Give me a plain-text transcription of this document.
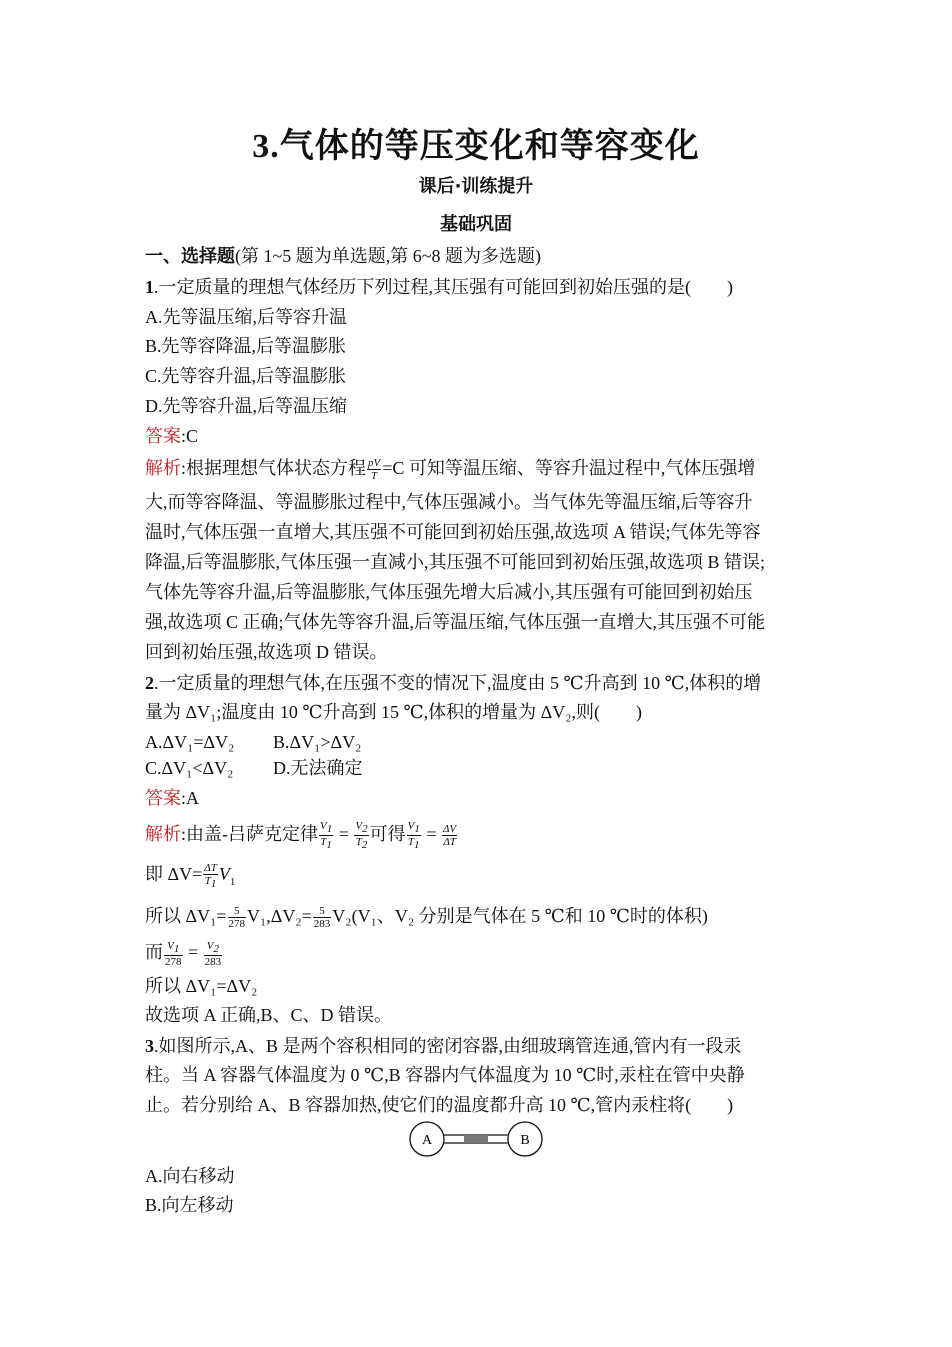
3.气体的等压变化和等容变化
课后·训练提升
基础巩固
一、选择题(第 1~5 题为单选题,第 6~8 题为多选题)
1.一定质量的理想气体经历下列过程,其压强有可能回到初始压强的是(　　)
A.先等温压缩,后等容升温
B.先等容降温,后等温膨胀
C.先等容升温,后等温膨胀
D.先等容升温,后等温压缩
答案:C
解析:根据理想气体状态方程 $\frac{pV}{T} =C$ 可知等温压缩、等容升温过程中,气体压强增
大,而等容降温、等温膨胀过程中,气体压强减小。当气体先等温压缩,后等容升
温时,气体压强一直增大,其压强不可能回到初始压强,故选项 A 错误;气体先等容
降温,后等温膨胀,气体压强一直减小,其压强不可能回到初始压强,故选项 B 错误;
气体先等容升温,后等温膨胀,气体压强先增大后减小,其压强有可能回到初始压
强,故选项 C 正确;气体先等容升温,后等温压缩,气体压强一直增大,其压强不可能
回到初始压强,故选项 D 错误。
2.一定质量的理想气体,在压强不变的情况下,温度由 5 ℃升高到 10 ℃,体积的增
量为 ΔV₁;温度由 10 ℃升高到 15 ℃,体积的增量为 ΔV₂,则(　　)
A.ΔV₁=ΔV₂ B.ΔV₁>ΔV₂
C.ΔV₁<ΔV₂ D.无法确定
答案:A
解析:由盖-吕萨克定律 $\frac{V_1}{T_1} = \frac{V_2}{T_2}$ 可得 $\frac{V_1}{T_1} = \frac{\Delta V}{\Delta T}$
即 $\Delta V= \frac{\Delta T}{T_1} V_1$
所以 $\Delta V_1= \frac{5}{278} V_1,\Delta V_2= \frac{5}{283} V_2(V_1$、V₂ 分别是气体在 5 ℃和 10 ℃时的体积)
而 $\frac{V_1}{278} = \frac{V_2}{283}$
所以 ΔV₁=ΔV₂
故选项 A 正确,B、C、D 错误。
3.如图所示,A、B 是两个容积相同的密闭容器,由细玻璃管连通,管内有一段汞
柱。当 A 容器气体温度为 0 ℃,B 容器内气体温度为 10 ℃时,汞柱在管中央静
止。若分别给 A、B 容器加热,使它们的温度都升高 10 ℃,管内汞柱将(　　)
A	B
A.向右移动
B.向左移动
